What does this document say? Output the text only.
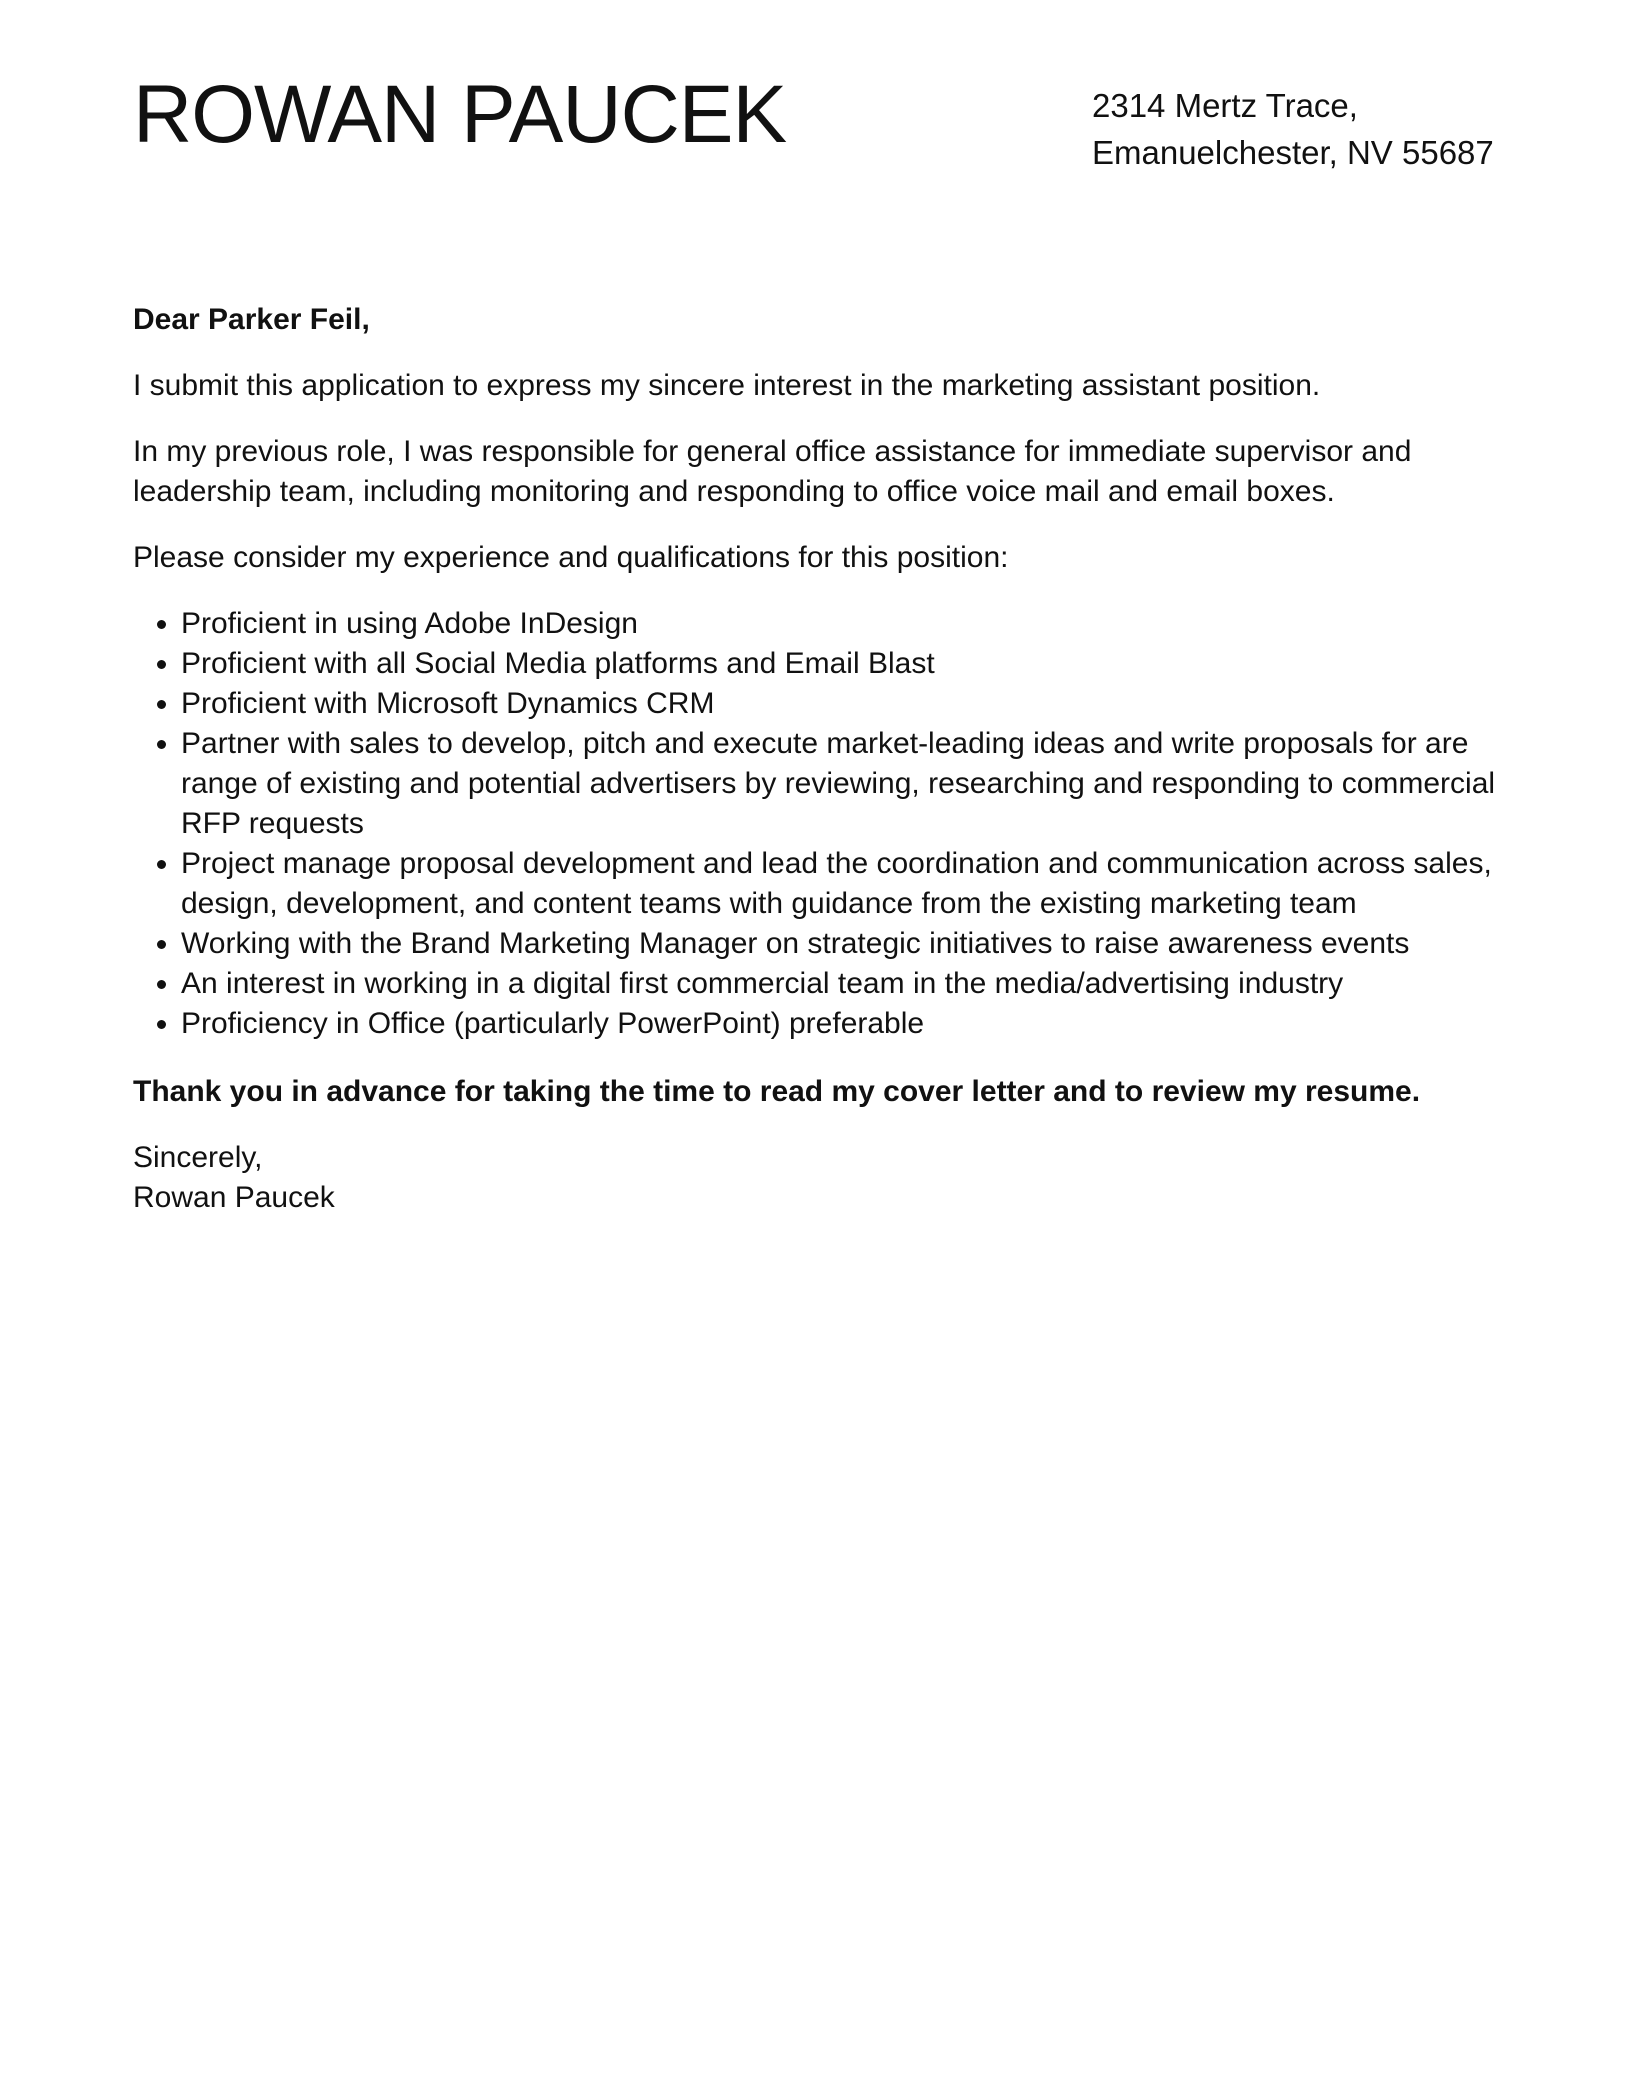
ROWAN PAUCEK	2314 Mertz Trace,
Emanuelchester, NV 55687

Dear Parker Feil,

I submit this application to express my sincere interest in the marketing assistant position.

In my previous role, I was responsible for general office assistance for immediate supervisor and leadership team, including monitoring and responding to office voice mail and email boxes.

Please consider my experience and qualifications for this position:

• Proficient in using Adobe InDesign
• Proficient with all Social Media platforms and Email Blast
• Proficient with Microsoft Dynamics CRM
• Partner with sales to develop, pitch and execute market-leading ideas and write proposals for are range of existing and potential advertisers by reviewing, researching and responding to commercial RFP requests
• Project manage proposal development and lead the coordination and communication across sales, design, development, and content teams with guidance from the existing marketing team
• Working with the Brand Marketing Manager on strategic initiatives to raise awareness events
• An interest in working in a digital first commercial team in the media/advertising industry
• Proficiency in Office (particularly PowerPoint) preferable

Thank you in advance for taking the time to read my cover letter and to review my resume.

Sincerely,
Rowan Paucek
